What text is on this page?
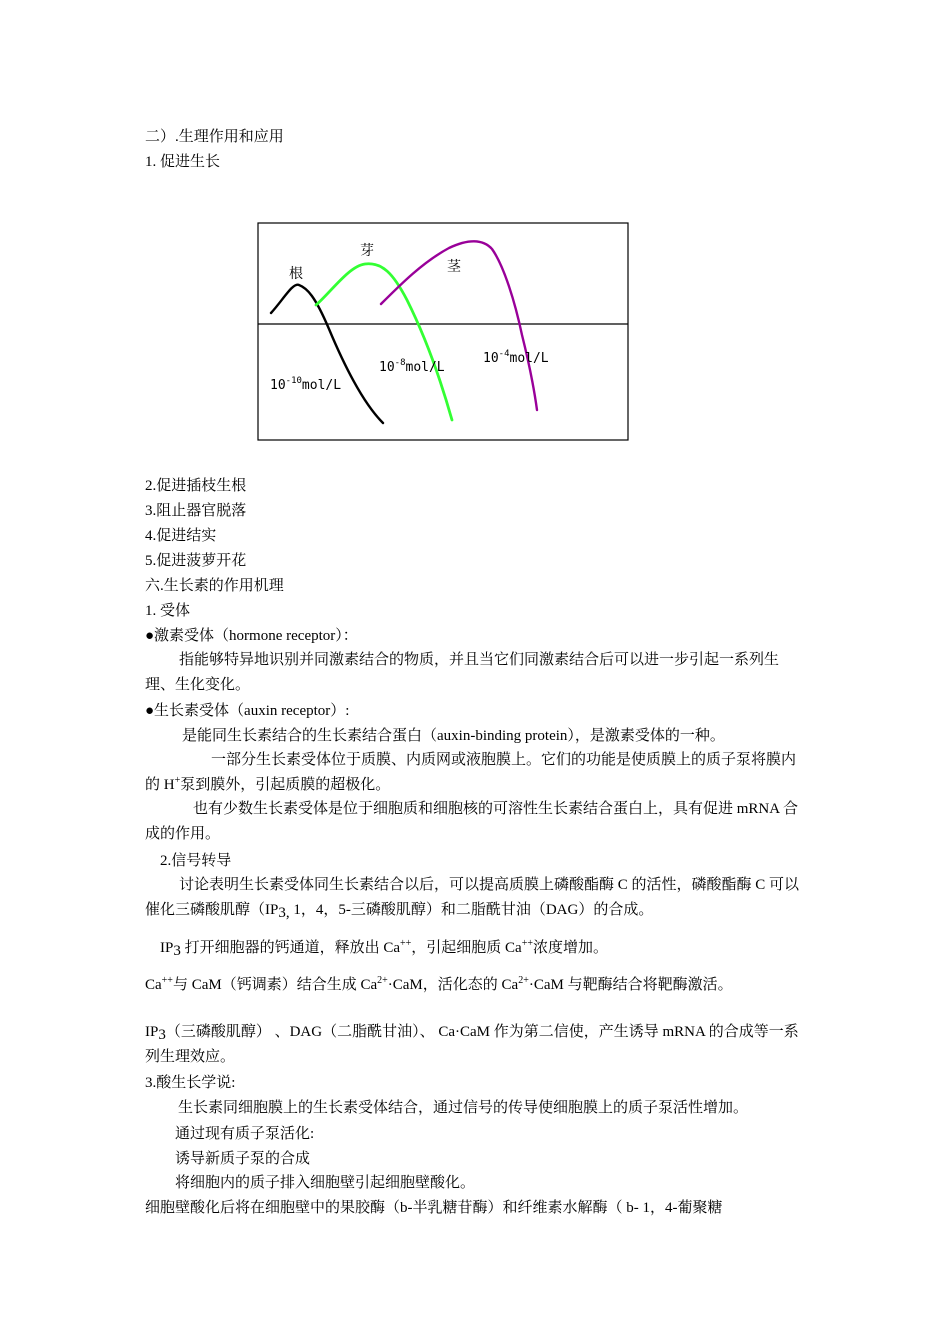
二）.生理作用和应用
1. 促进生长
根
芽
茎
$10^{-10}mol/L$
$10^{-8}mol/L$
$10^{-4}mol/L$
2.促进插枝生根
3.阻止器官脱落
4.促进结实
5.促进菠萝开花
六.生长素的作用机理
1. 受体
●激素受体（hormone receptor）：
指能够特异地识别并同激素结合的物质，并且当它们同激素结合后可以进一步引起一系列生理、生化变化。
●生长素受体（auxin receptor）:
是能同生长素结合的生长素结合蛋白（auxin-binding protein），是激素受体的一种。
一部分生长素受体位于质膜、内质网或液胞膜上。它们的功能是使质膜上的质子泵将膜内的 H+泵到膜外，引起质膜的超极化。
也有少数生长素受体是位于细胞质和细胞核的可溶性生长素结合蛋白上，具有促进 mRNA 合成的作用。
2.信号转导
讨论表明生长素受体同生长素结合以后，可以提高质膜上磷酸酯酶 C 的活性，磷酸酯酶 C 可以催化三磷酸肌醇（$IP_{3,}$ 1，4，5-三磷酸肌醇）和二脂酰甘油（DAG）的合成。
$IP_3$ 打开细胞器的钙通道，释放出 Ca++，引起细胞质 Ca++浓度增加。
Ca++与 CaM（钙调素）结合生成 $Ca^{2+}\cdot CaM$，活化态的 $Ca^{2+}\cdot CaM$ 与靶酶结合将靶酶激活。
$IP_3$（三磷酸肌醇） 、DAG（二脂酰甘油）、 Ca·CaM 作为第二信使，产生诱导 mRNA 的合成等一系列生理效应。
3.酸生长学说:
生长素同细胞膜上的生长素受体结合，通过信号的传导使细胞膜上的质子泵活性增加。
通过现有质子泵活化:
诱导新质子泵的合成
将细胞内的质子排入细胞壁引起细胞壁酸化。
细胞壁酸化后将在细胞壁中的果胶酶（b-半乳糖苷酶）和纤维素水解酶（ b- 1，4-葡聚糖
